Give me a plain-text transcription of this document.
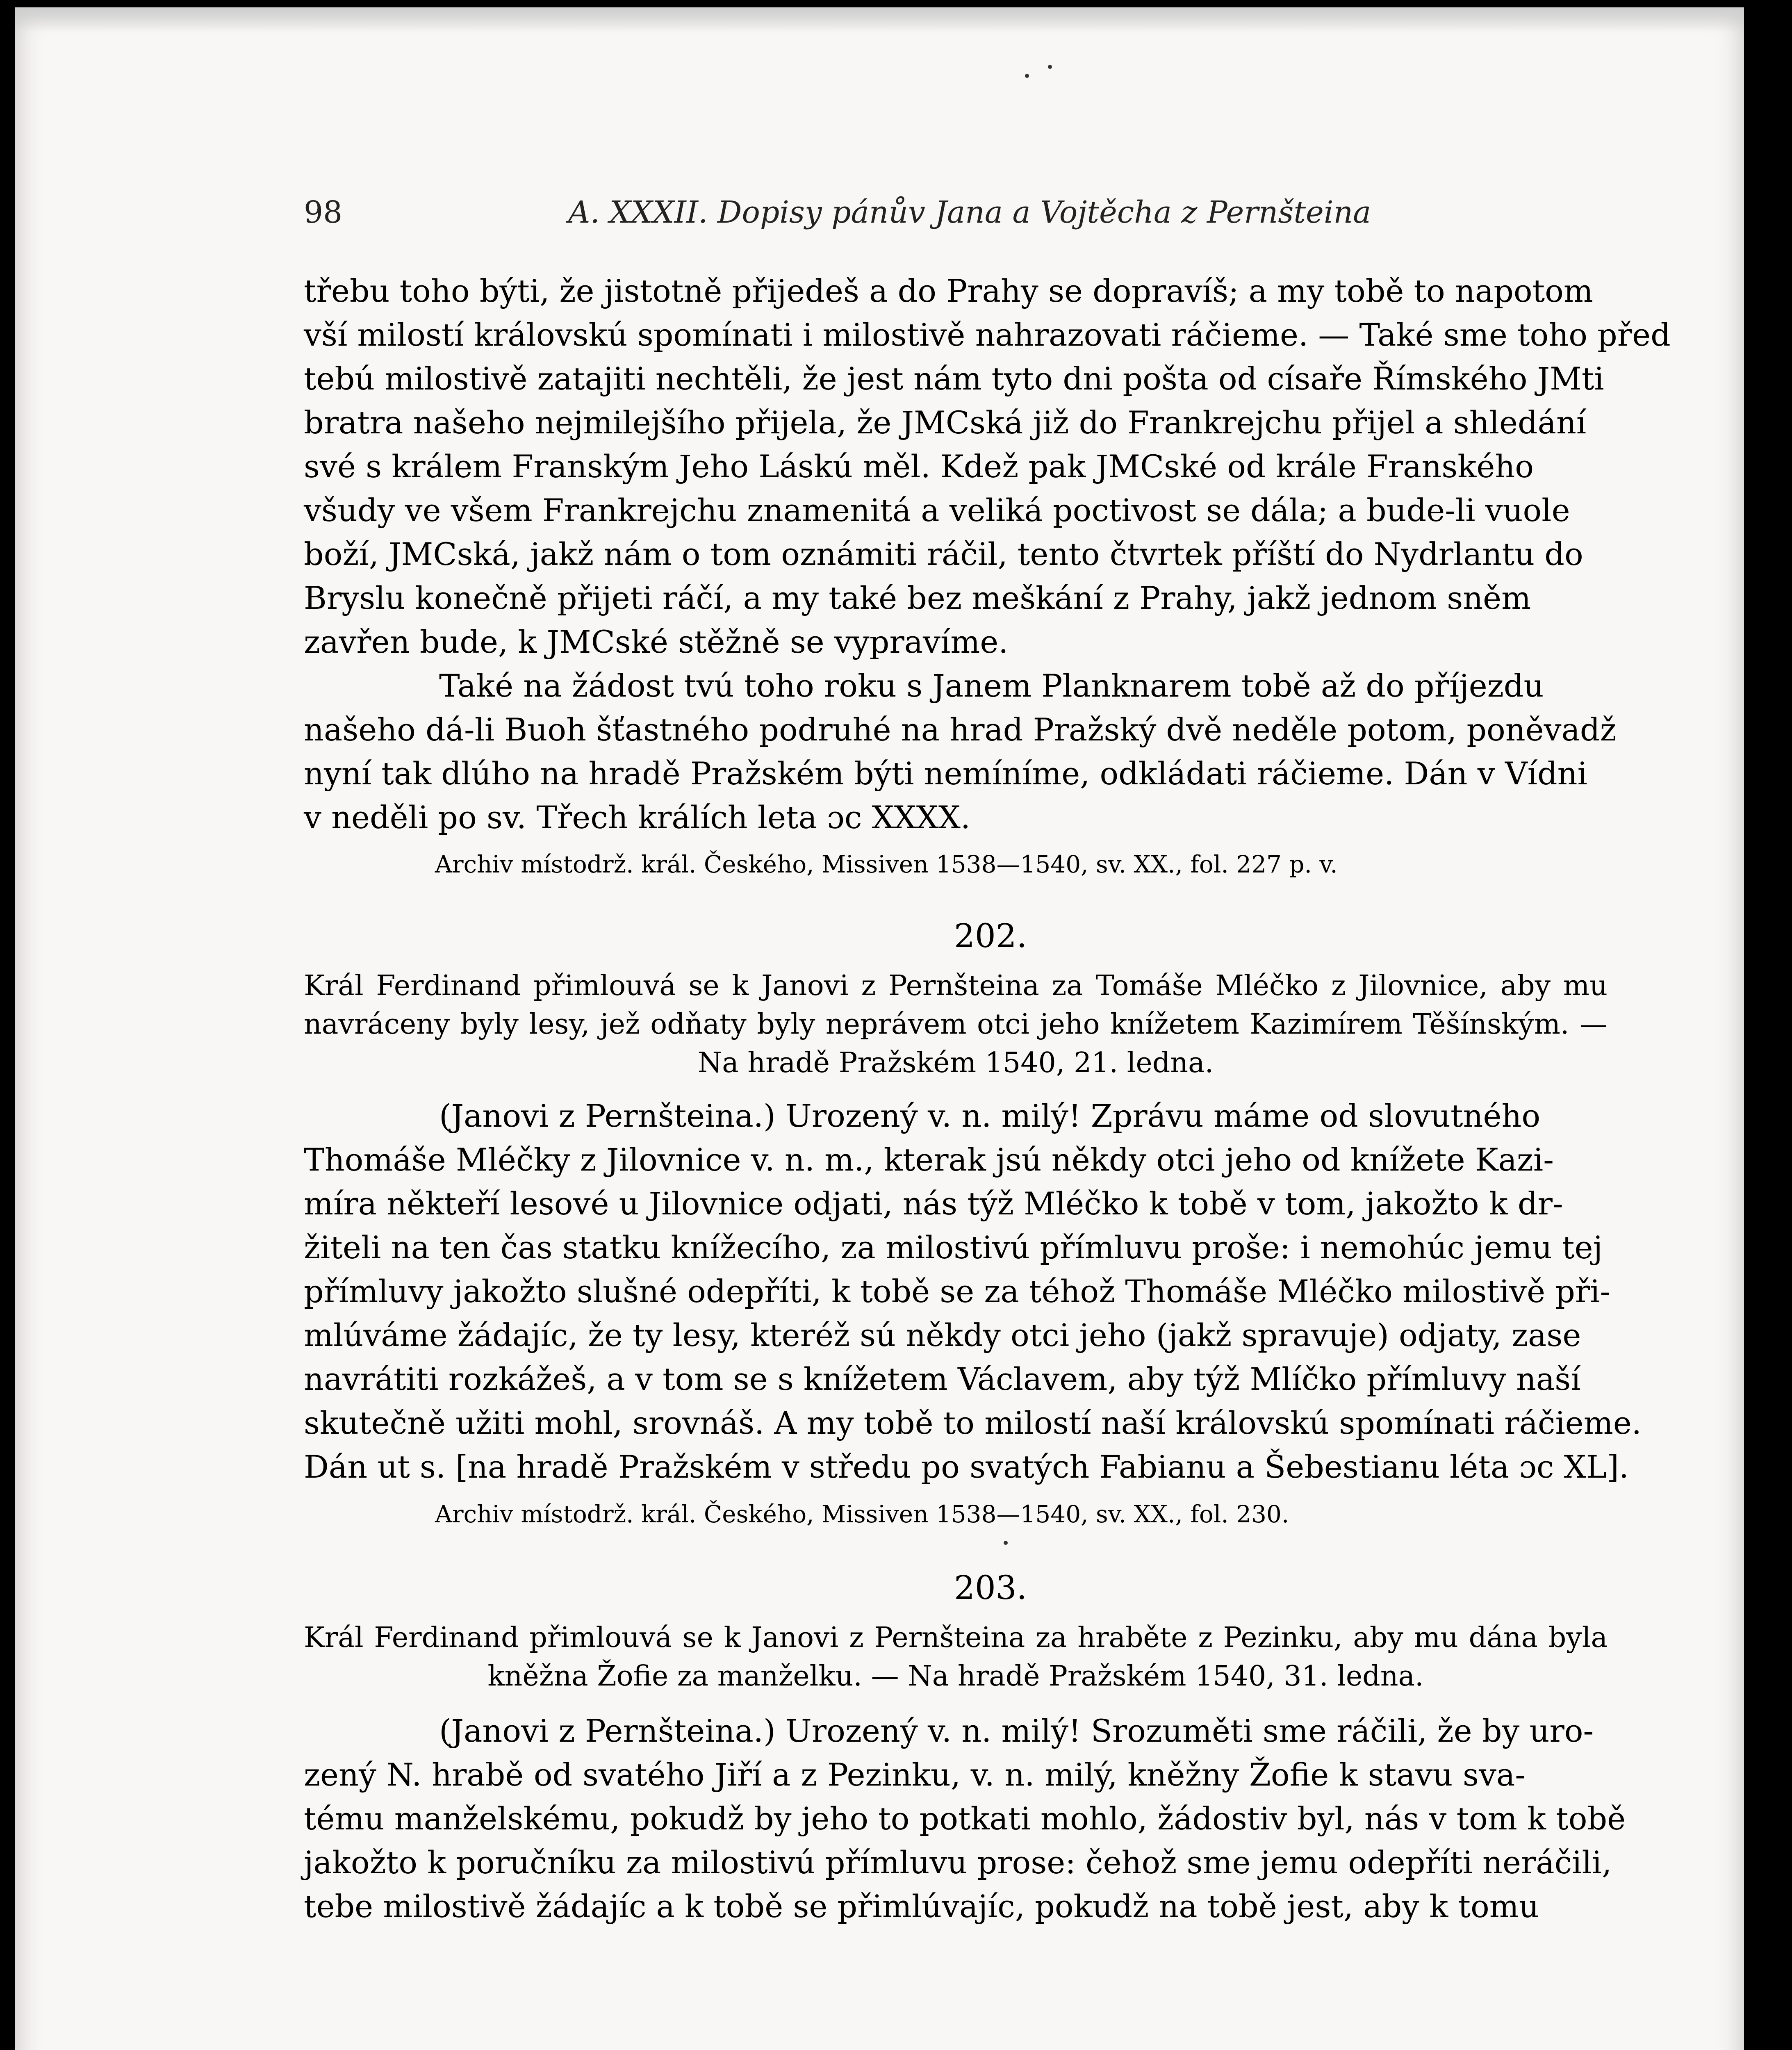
98	A. XXXII. Dopisy pánův Jana a Vojtěcha z Pernšteina
třebu toho býti, že jistotně přijedeš a do Prahy se dopravíš; a my tobě to napotom
vší milostí královskú spomínati i milostivě nahrazovati ráčieme. — Také sme toho před
tebú milostivě zatajiti nechtěli, že jest nám tyto dni pošta od císaře Římského JMti
bratra našeho nejmilejšího přijela, že JMCská již do Frankrejchu přijel a shledání
své s králem Franským Jeho Láskú měl. Kdež pak JMCské od krále Franského
všudy ve všem Frankrejchu znamenitá a veliká poctivost se dála; a bude-li vuole
boží, JMCská, jakž nám o tom oznámiti ráčil, tento čtvrtek příští do Nydrlantu do
Bryslu konečně přijeti ráčí, a my také bez meškání z Prahy, jakž jednom sněm
zavřen bude, k JMCské stěžně se vypravíme.
Také na žádost tvú toho roku s Janem Planknarem tobě až do příjezdu
našeho dá-li Buoh šťastného podruhé na hrad Pražský dvě neděle potom, poněvadž
nyní tak dlúho na hradě Pražském býti nemíníme, odkládati ráčieme. Dán v Vídni
v neděli po sv. Třech králích leta ɔc XXXX.
Archiv místodrž. král. Českého, Missiven 1538—1540, sv. XX., fol. 227 p. v.
202.
Král Ferdinand přimlouvá se k Janovi z Pernšteina za Tomáše Mléčko z Jilovnice, aby mu
navráceny byly lesy, jež odňaty byly neprávem otci jeho knížetem Kazimírem Těšínským. —
Na hradě Pražském 1540, 21. ledna.
(Janovi z Pernšteina.) Urozený v. n. milý! Zprávu máme od slovutného
Thomáše Mléčky z Jilovnice v. n. m., kterak jsú někdy otci jeho od knížete Kazi-
míra někteří lesové u Jilovnice odjati, nás týž Mléčko k tobě v tom, jakožto k dr-
žiteli na ten čas statku knížecího, za milostivú přímluvu proše: i nemohúc jemu tej
přímluvy jakožto slušné odepříti, k tobě se za téhož Thomáše Mléčko milostivě při-
mlúváme žádajíc, že ty lesy, kteréž sú někdy otci jeho (jakž spravuje) odjaty, zase
navrátiti rozkážeš, a v tom se s knížetem Václavem, aby týž Mlíčko přímluvy naší
skutečně užiti mohl, srovnáš. A my tobě to milostí naší královskú spomínati ráčieme.
Dán ut s. [na hradě Pražském v středu po svatých Fabianu a Šebestianu léta ɔc XL].
Archiv místodrž. král. Českého, Missiven 1538—1540, sv. XX., fol. 230.
203.
Král Ferdinand přimlouvá se k Janovi z Pernšteina za hraběte z Pezinku, aby mu dána byla
kněžna Žofie za manželku. — Na hradě Pražském 1540, 31. ledna.
(Janovi z Pernšteina.) Urozený v. n. milý! Srozuměti sme ráčili, že by uro-
zený N. hrabě od svatého Jiří a z Pezinku, v. n. milý, kněžny Žofie k stavu sva-
tému manželskému, pokudž by jeho to potkati mohlo, žádostiv byl, nás v tom k tobě
jakožto k poručníku za milostivú přímluvu prose: čehož sme jemu odepříti neráčili,
tebe milostivě žádajíc a k tobě se přimlúvajíc, pokudž na tobě jest, aby k tomu
